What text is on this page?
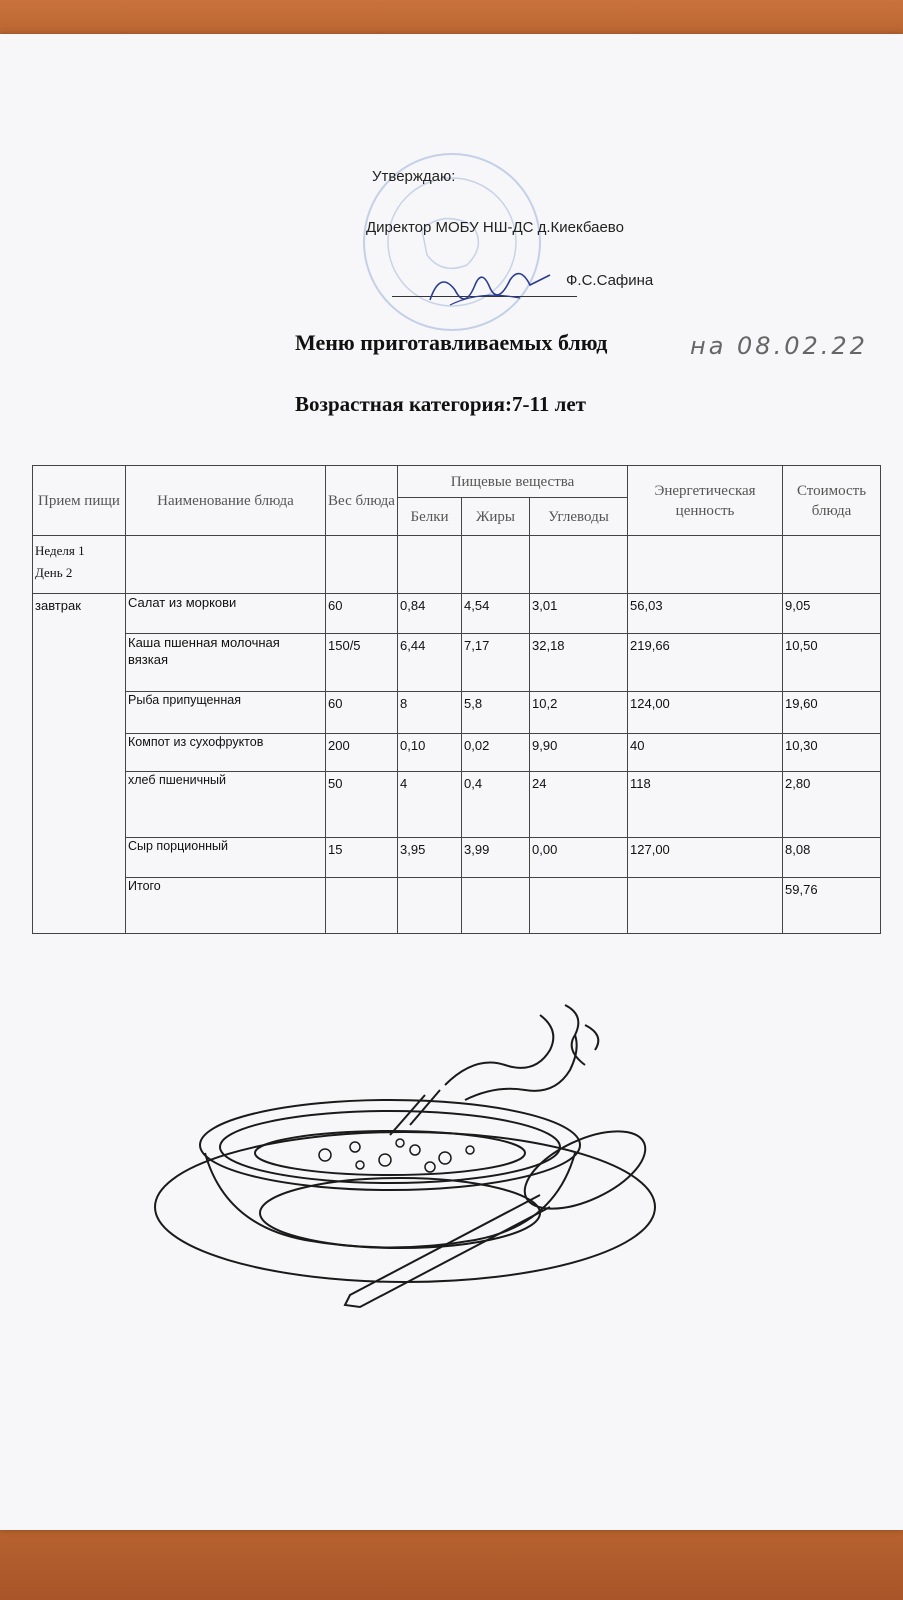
Утверждаю:
Директор МОБУ НШ-ДС д.Киекбаево
Ф.С.Сафина
Меню приготавливаемых блюд	на 08.02.22
Возрастная категория:7-11 лет
Прием пищи	Наименование блюда	Вес блюда	Пищевые вещества			Энергетическая ценность	Стоимость блюда
			Белки	Жиры	Углеводы		

Неделя 1
День 2							

завтрак	Салат из моркови	60	0,84	4,54	3,01	56,03	9,05
	Каша пшенная молочная вязкая	150/5	6,44	7,17	32,18	219,66	10,50
	Рыба припущенная	60	8	5,8	10,2	124,00	19,60
	Компот из сухофруктов	200	0,10	0,02	9,90	40	10,30
	хлеб пшеничный	50	4	0,4	24	118	2,80
	Сыр порционный	15	3,95	3,99	0,00	127,00	8,08
	Итого						59,76
